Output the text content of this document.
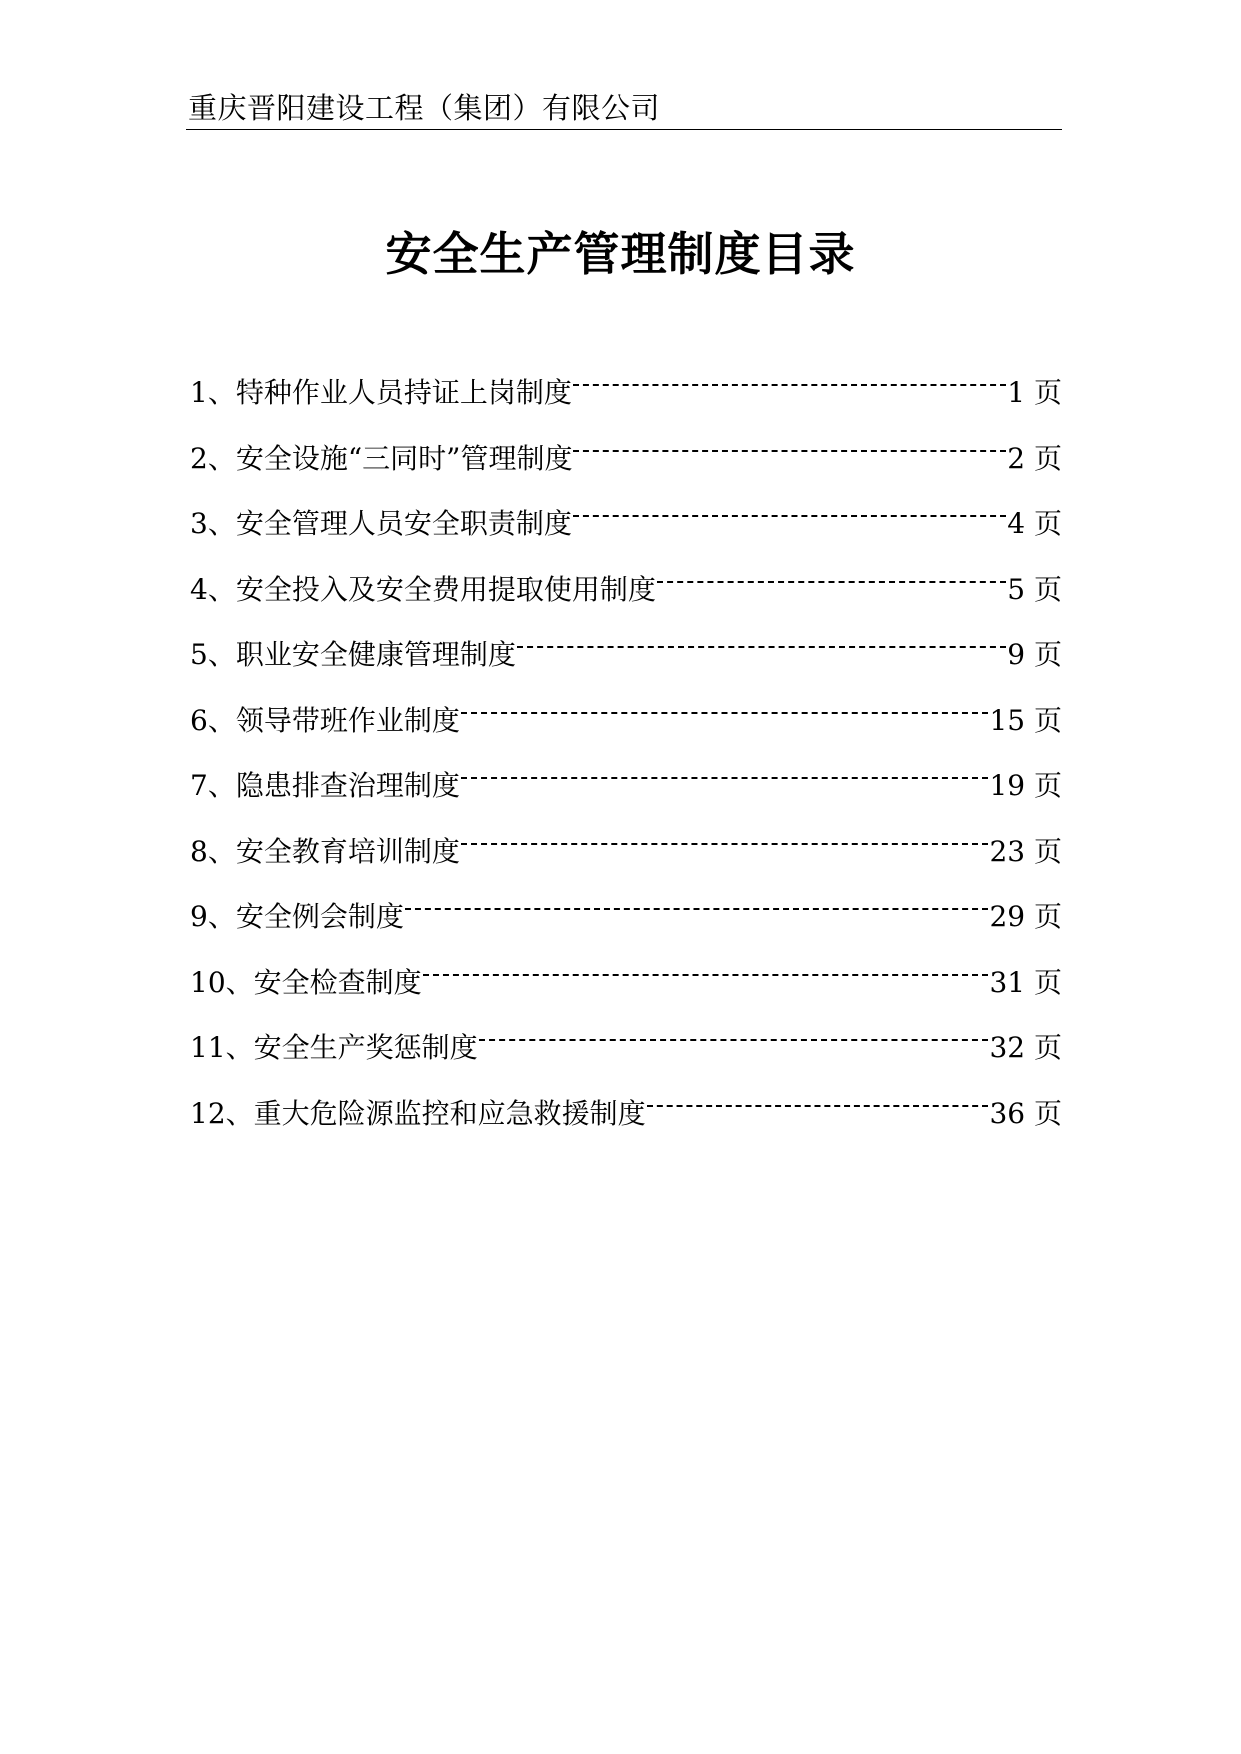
重庆晋阳建设工程（集团）有限公司
安全生产管理制度目录
1、特种作业人员持证上岗制度	1 页
2、安全设施“三同时”管理制度	2 页
3、安全管理人员安全职责制度	4 页
4、安全投入及安全费用提取使用制度	5 页
5、职业安全健康管理制度	9 页
6、领导带班作业制度	15 页
7、隐患排查治理制度	19 页
8、安全教育培训制度	23 页
9、安全例会制度	29 页
10、安全检查制度	31 页
11、安全生产奖惩制度	32 页
12、重大危险源监控和应急救援制度	36 页
